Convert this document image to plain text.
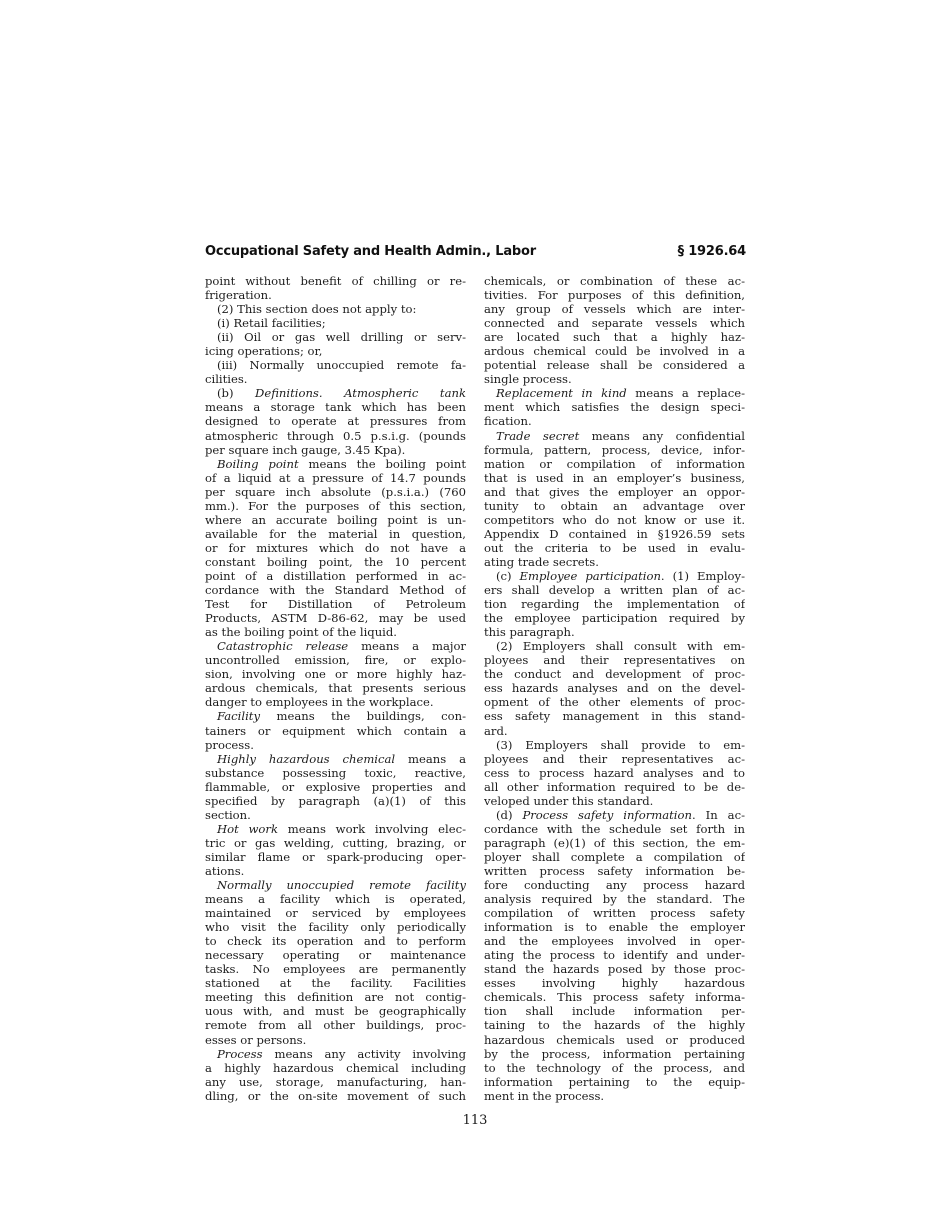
Occupational Safety and Health Admin., Labor	§ 1926.64
point without benefit of chilling or re-
frigeration.
(2) This section does not apply to:
(i) Retail facilities;
(ii) Oil or gas well drilling or serv-
icing operations; or,
(iii) Normally unoccupied remote fa-
cilities.
(b) Definitions. Atmospheric tank
means a storage tank which has been
designed to operate at pressures from
atmospheric through 0.5 p.s.i.g. (pounds
per square inch gauge, 3.45 Kpa).
Boiling point means the boiling point
of a liquid at a pressure of 14.7 pounds
per square inch absolute (p.s.i.a.) (760
mm.). For the purposes of this section,
where an accurate boiling point is un-
available for the material in question,
or for mixtures which do not have a
constant boiling point, the 10 percent
point of a distillation performed in ac-
cordance with the Standard Method of
Test for Distillation of Petroleum
Products, ASTM D-86-62, may be used
as the boiling point of the liquid.
Catastrophic release means a major
uncontrolled emission, fire, or explo-
sion, involving one or more highly haz-
ardous chemicals, that presents serious
danger to employees in the workplace.
Facility means the buildings, con-
tainers or equipment which contain a
process.
Highly hazardous chemical means a
substance possessing toxic, reactive,
flammable, or explosive properties and
specified by paragraph (a)(1) of this
section.
Hot work means work involving elec-
tric or gas welding, cutting, brazing, or
similar flame or spark-producing oper-
ations.
Normally unoccupied remote facility
means a facility which is operated,
maintained or serviced by employees
who visit the facility only periodically
to check its operation and to perform
necessary operating or maintenance
tasks. No employees are permanently
stationed at the facility. Facilities
meeting this definition are not contig-
uous with, and must be geographically
remote from all other buildings, proc-
esses or persons.
Process means any activity involving
a highly hazardous chemical including
any use, storage, manufacturing, han-
dling, or the on-site movement of such
chemicals, or combination of these ac-
tivities. For purposes of this definition,
any group of vessels which are inter-
connected and separate vessels which
are located such that a highly haz-
ardous chemical could be involved in a
potential release shall be considered a
single process.
Replacement in kind means a replace-
ment which satisfies the design speci-
fication.
Trade secret means any confidential
formula, pattern, process, device, infor-
mation or compilation of information
that is used in an employer’s business,
and that gives the employer an oppor-
tunity to obtain an advantage over
competitors who do not know or use it.
Appendix D contained in §1926.59 sets
out the criteria to be used in evalu-
ating trade secrets.
(c) Employee participation. (1) Employ-
ers shall develop a written plan of ac-
tion regarding the implementation of
the employee participation required by
this paragraph.
(2) Employers shall consult with em-
ployees and their representatives on
the conduct and development of proc-
ess hazards analyses and on the devel-
opment of the other elements of proc-
ess safety management in this stand-
ard.
(3) Employers shall provide to em-
ployees and their representatives ac-
cess to process hazard analyses and to
all other information required to be de-
veloped under this standard.
(d) Process safety information. In ac-
cordance with the schedule set forth in
paragraph (e)(1) of this section, the em-
ployer shall complete a compilation of
written process safety information be-
fore conducting any process hazard
analysis required by the standard. The
compilation of written process safety
information is to enable the employer
and the employees involved in oper-
ating the process to identify and under-
stand the hazards posed by those proc-
esses involving highly hazardous
chemicals. This process safety informa-
tion shall include information per-
taining to the hazards of the highly
hazardous chemicals used or produced
by the process, information pertaining
to the technology of the process, and
information pertaining to the equip-
ment in the process.
113
